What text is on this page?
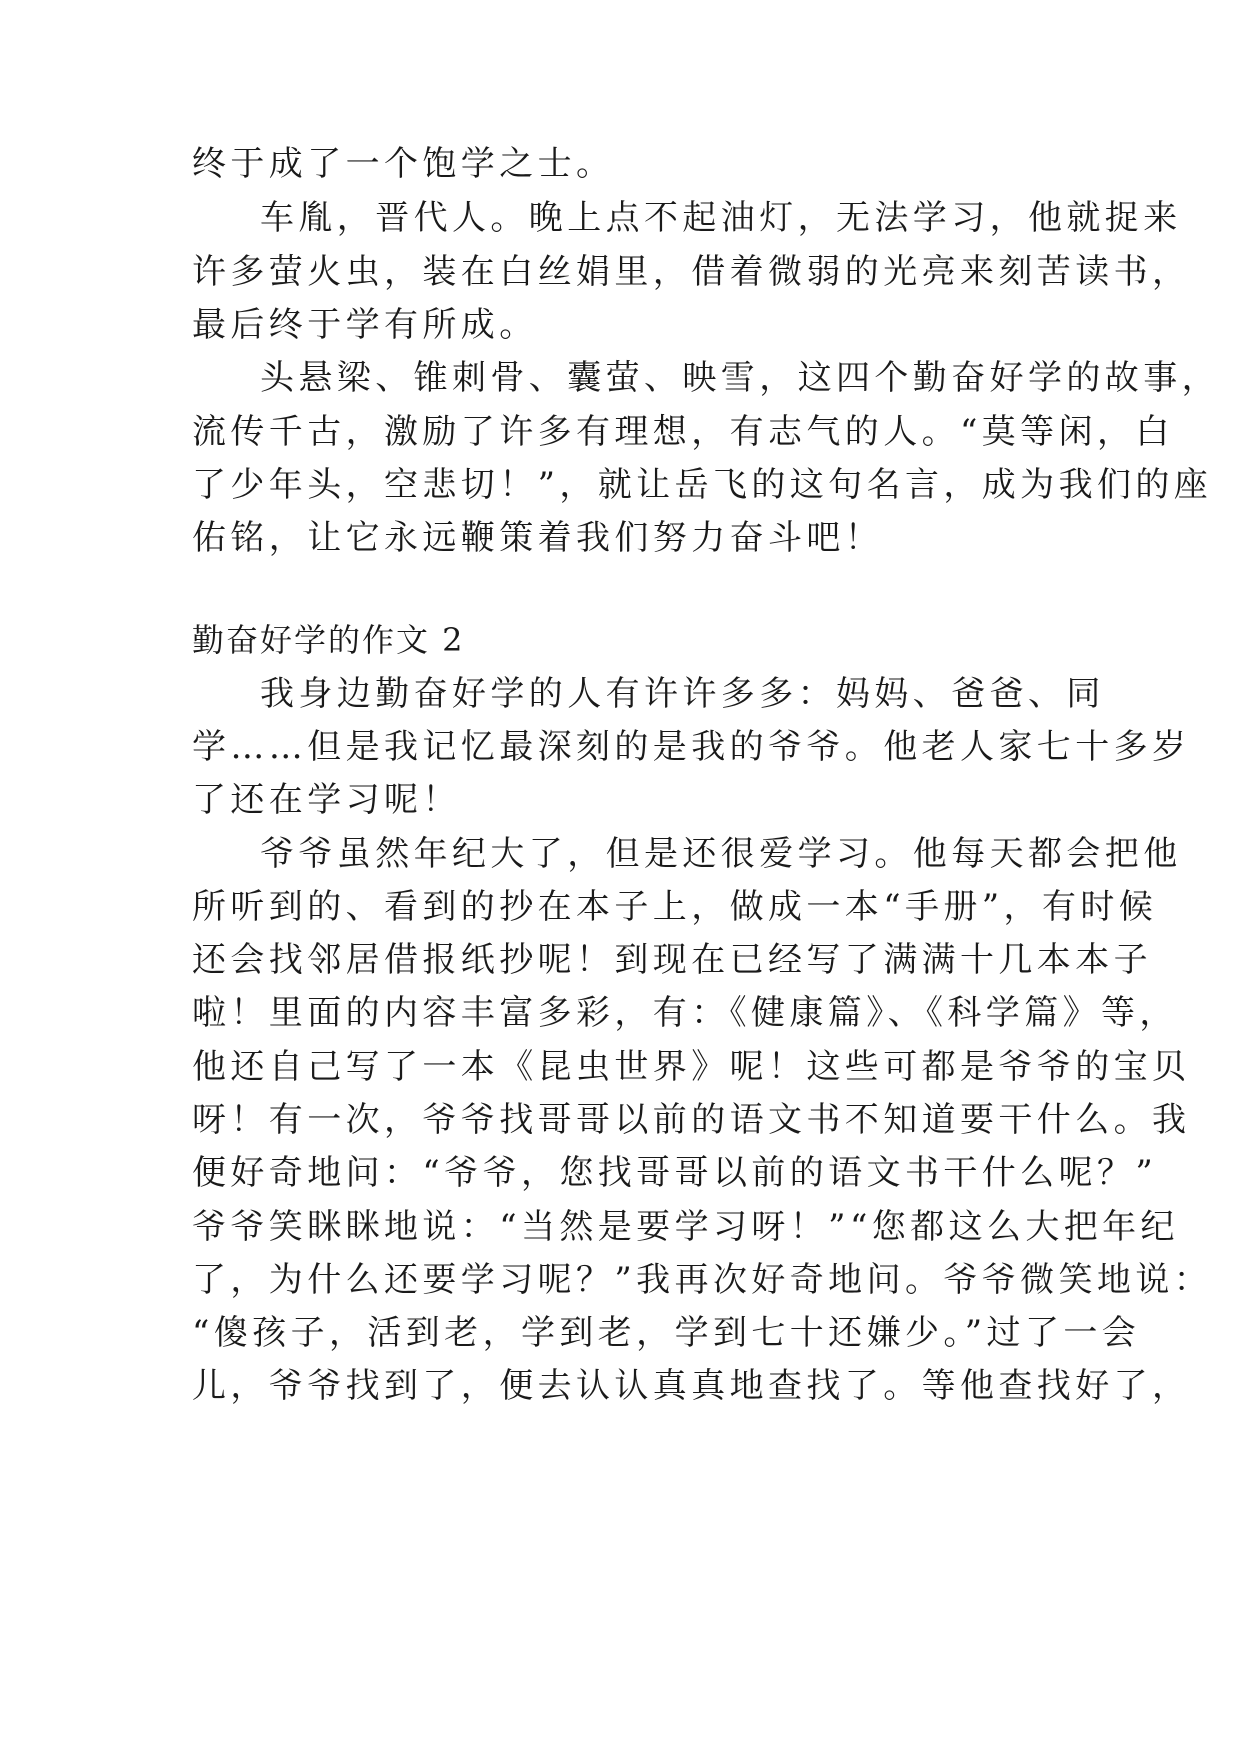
终于成了一个饱学之士。
车胤，晋代人。晚上点不起油灯，无法学习，他就捉来
许多萤火虫，装在白丝娟里，借着微弱的光亮来刻苦读书，
最后终于学有所成。
头悬梁、锥刺骨、囊萤、映雪，这四个勤奋好学的故事，
流传千古，激励了许多有理想，有志气的人。“莫等闲，白
了少年头，空悲切！”，就让岳飞的这句名言，成为我们的座
佑铭，让它永远鞭策着我们努力奋斗吧！
勤奋好学的作文 2
我身边勤奋好学的人有许许多多：妈妈、爸爸、同
学……但是我记忆最深刻的是我的爷爷。他老人家七十多岁
了还在学习呢！
爷爷虽然年纪大了，但是还很爱学习。他每天都会把他
所听到的、看到的抄在本子上，做成一本“手册”，有时候
还会找邻居借报纸抄呢！到现在已经写了满满十几本本子
啦！里面的内容丰富多彩，有：《健康篇》、《科学篇》等，
他还自己写了一本《昆虫世界》呢！这些可都是爷爷的宝贝
呀！有一次，爷爷找哥哥以前的语文书不知道要干什么。我
便好奇地问：“爷爷，您找哥哥以前的语文书干什么呢？”
爷爷笑眯眯地说：“当然是要学习呀！”“您都这么大把年纪
了，为什么还要学习呢？”我再次好奇地问。爷爷微笑地说：
“傻孩子，活到老，学到老，学到七十还嫌少。”过了一会
儿，爷爷找到了，便去认认真真地查找了。等他查找好了，
